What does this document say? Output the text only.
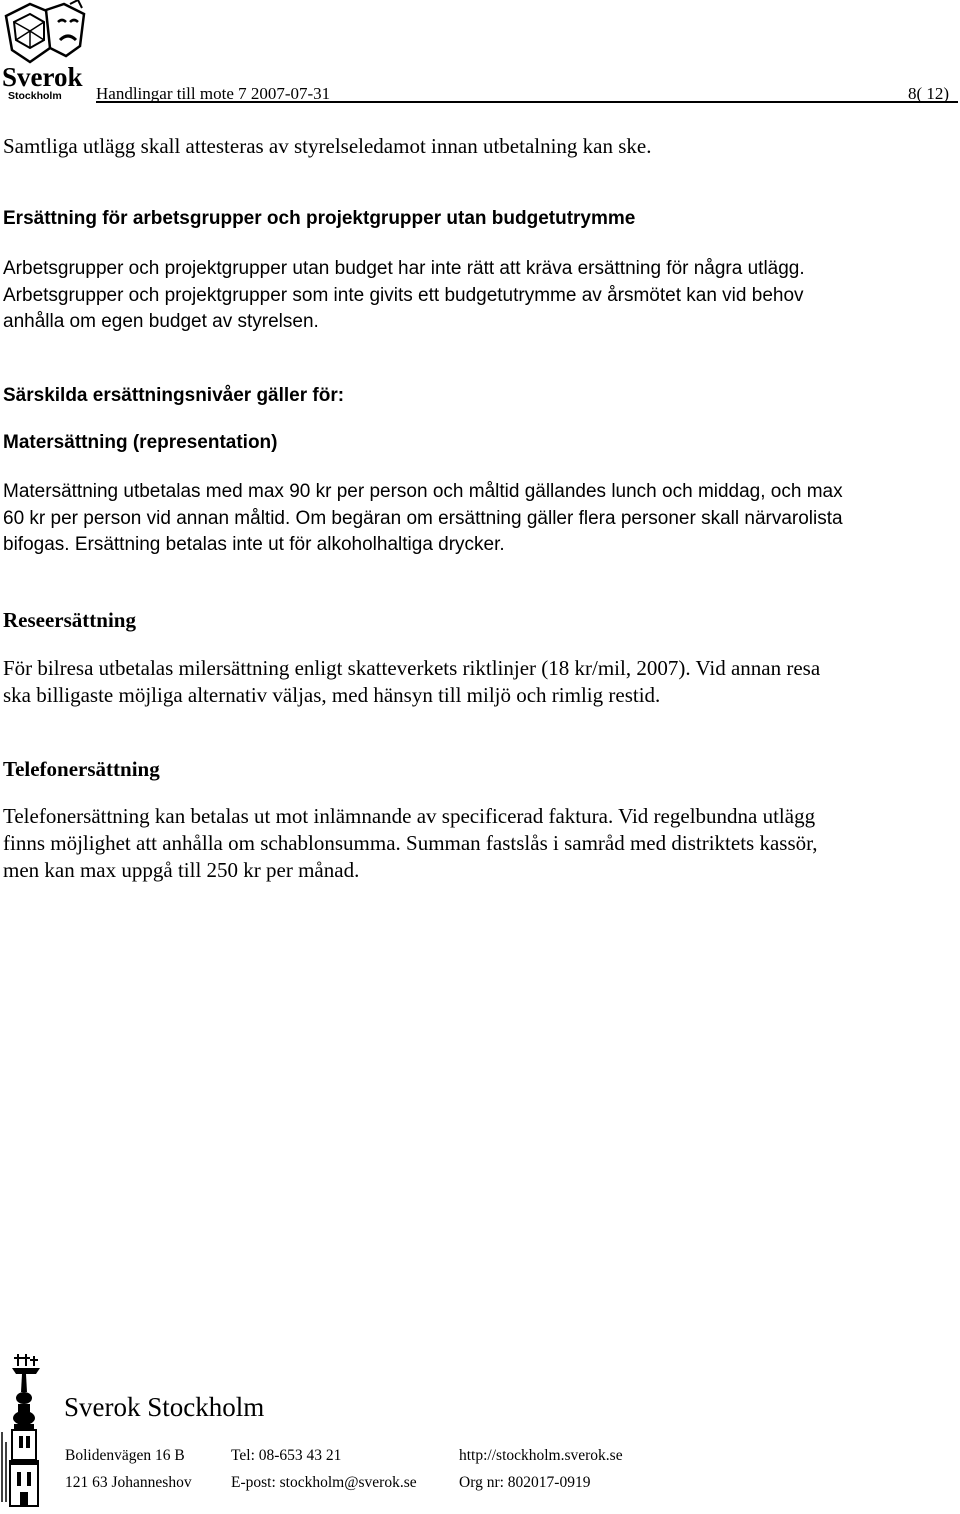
Sverok
Stockholm Handlingar till mote 7 2007-07-31	8( 12)
Samtliga utlägg skall attesteras av styrelseledamot innan utbetalning kan ske.
Ersättning för arbetsgrupper och projektgrupper utan budgetutrymme
Arbetsgrupper och projektgrupper utan budget har inte rätt att kräva ersättning för några utlägg.
Arbetsgrupper och projektgrupper som inte givits ett budgetutrymme av årsmötet kan vid behov
anhålla om egen budget av styrelsen.
Särskilda ersättningsnivåer gäller för:
Matersättning (representation)
Matersättning utbetalas med max 90 kr per person och måltid gällandes lunch och middag, och max
60 kr per person vid annan måltid. Om begäran om ersättning gäller flera personer skall närvarolista
bifogas. Ersättning betalas inte ut för alkoholhaltiga drycker.
Reseersättning
För bilresa utbetalas milersättning enligt skatteverkets riktlinjer (18 kr/mil, 2007). Vid annan resa
ska billigaste möjliga alternativ väljas, med hänsyn till miljö och rimlig restid.
Telefonersättning
Telefonersättning kan betalas ut mot inlämnande av specificerad faktura. Vid regelbundna utlägg
finns möjlighet att anhålla om schablonsumma. Summan fastslås i samråd med distriktets kassör,
men kan max uppgå till 250 kr per månad.
Sverok Stockholm
Bolidenvägen 16 B
121 63 Johanneshov
Tel: 08-653 43 21
E-post: stockholm@sverok.se
http://stockholm.sverok.se
Org nr: 802017-0919
